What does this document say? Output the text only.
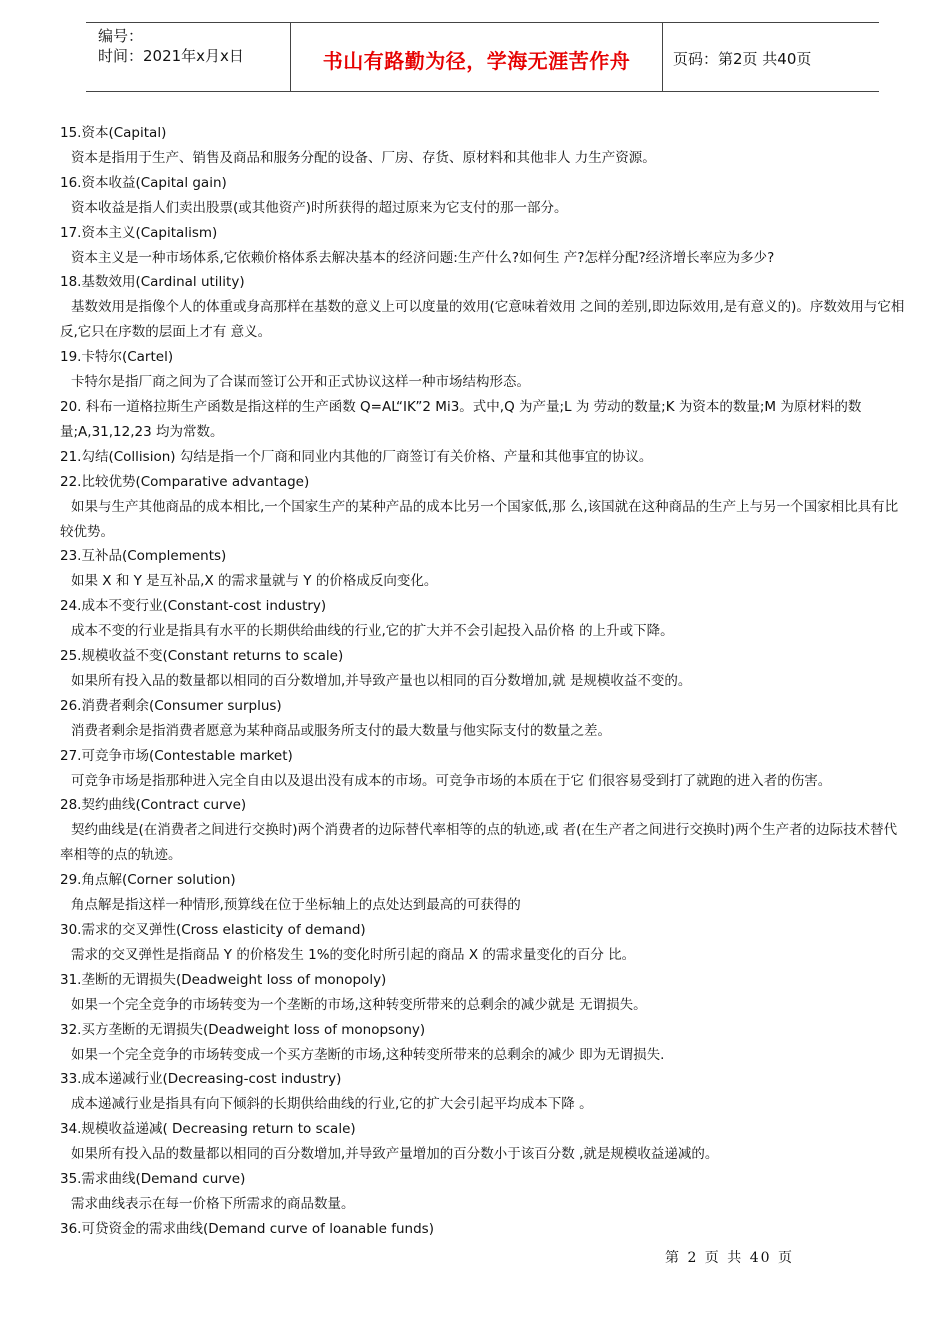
编号：
时间：2021年x月x日	书山有路勤为径，学海无涯苦作舟	页码：第2页 共40页
15.资本(Capital)
资本是指用于生产、销售及商品和服务分配的设备、厂房、存货、原材料和其他非人 力生产资源。
16.资本收益(Capital gain)
资本收益是指人们卖出股票(或其他资产)时所获得的超过原来为它支付的那一部分。
17.资本主义(Capitalism)
资本主义是一种市场体系,它依赖价格体系去解决基本的经济问题:生产什么?如何生 产?怎样分配?经济增长率应为多少?
18.基数效用(Cardinal utility)
基数效用是指像个人的体重或身高那样在基数的意义上可以度量的效用(它意味着效用 之间的差别,即边际效用,是有意义的)。序数效用与它相反,它只在序数的层面上才有 意义。
19.卡特尔(Cartel)
卡特尔是指厂商之间为了合谋而签订公开和正式协议这样一种市场结构形态。
20. 科布一道格拉斯生产函数是指这样的生产函数 Q=AL“IK”2 Mi3。式中,Q 为产量;L 为 劳动的数量;K 为资本的数量;M 为原材料的数量;A,31,12,23 均为常数。
21.勾结(Collision) 勾结是指一个厂商和同业内其他的厂商签订有关价格、产量和其他事宜的协议。
22.比较优势(Comparative advantage)
如果与生产其他商品的成本相比,一个国家生产的某种产品的成本比另一个国家低,那 么,该国就在这种商品的生产上与另一个国家相比具有比较优势。
23.互补品(Complements)
如果 X 和 Y 是互补品,X 的需求量就与 Y 的价格成反向变化。
24.成本不变行业(Constant-cost industry)
成本不变的行业是指具有水平的长期供给曲线的行业,它的扩大并不会引起投入品价格 的上升或下降。
25.规模收益不变(Constant returns to scale)
如果所有投入品的数量都以相同的百分数增加,并导致产量也以相同的百分数增加,就 是规模收益不变的。
26.消费者剩余(Consumer surplus)
消费者剩余是指消费者愿意为某种商品或服务所支付的最大数量与他实际支付的数量之差。
27.可竞争市场(Contestable market)
可竞争市场是指那种进入完全自由以及退出没有成本的市场。可竞争市场的本质在于它 们很容易受到打了就跑的进入者的伤害。
28.契约曲线(Contract curve)
契约曲线是(在消费者之间进行交换时)两个消费者的边际替代率相等的点的轨迹,或 者(在生产者之间进行交换时)两个生产者的边际技术替代率相等的点的轨迹。
29.角点解(Corner solution)
角点解是指这样一种情形,预算线在位于坐标轴上的点处达到最高的可获得的
30.需求的交叉弹性(Cross elasticity of demand)
需求的交叉弹性是指商品 Y 的价格发生 1%的变化时所引起的商品 X 的需求量变化的百分 比。
31.垄断的无谓损失(Deadweight loss of monopoly)
如果一个完全竞争的市场转变为一个垄断的市场,这种转变所带来的总剩余的减少就是 无谓损失。
32.买方垄断的无谓损失(Deadweight loss of monopsony)
如果一个完全竞争的市场转变成一个买方垄断的市场,这种转变所带来的总剩余的减少 即为无谓损失.
33.成本递减行业(Decreasing-cost industry)
成本递减行业是指具有向下倾斜的长期供给曲线的行业,它的扩大会引起平均成本下降 。
34.规模收益递减( Decreasing return to scale)
如果所有投入品的数量都以相同的百分数增加,并导致产量增加的百分数小于该百分数 ,就是规模收益递减的。
35.需求曲线(Demand curve)
需求曲线表示在每一价格下所需求的商品数量。
36.可贷资金的需求曲线(Demand curve of loanable funds)
第 2 页 共 40 页
